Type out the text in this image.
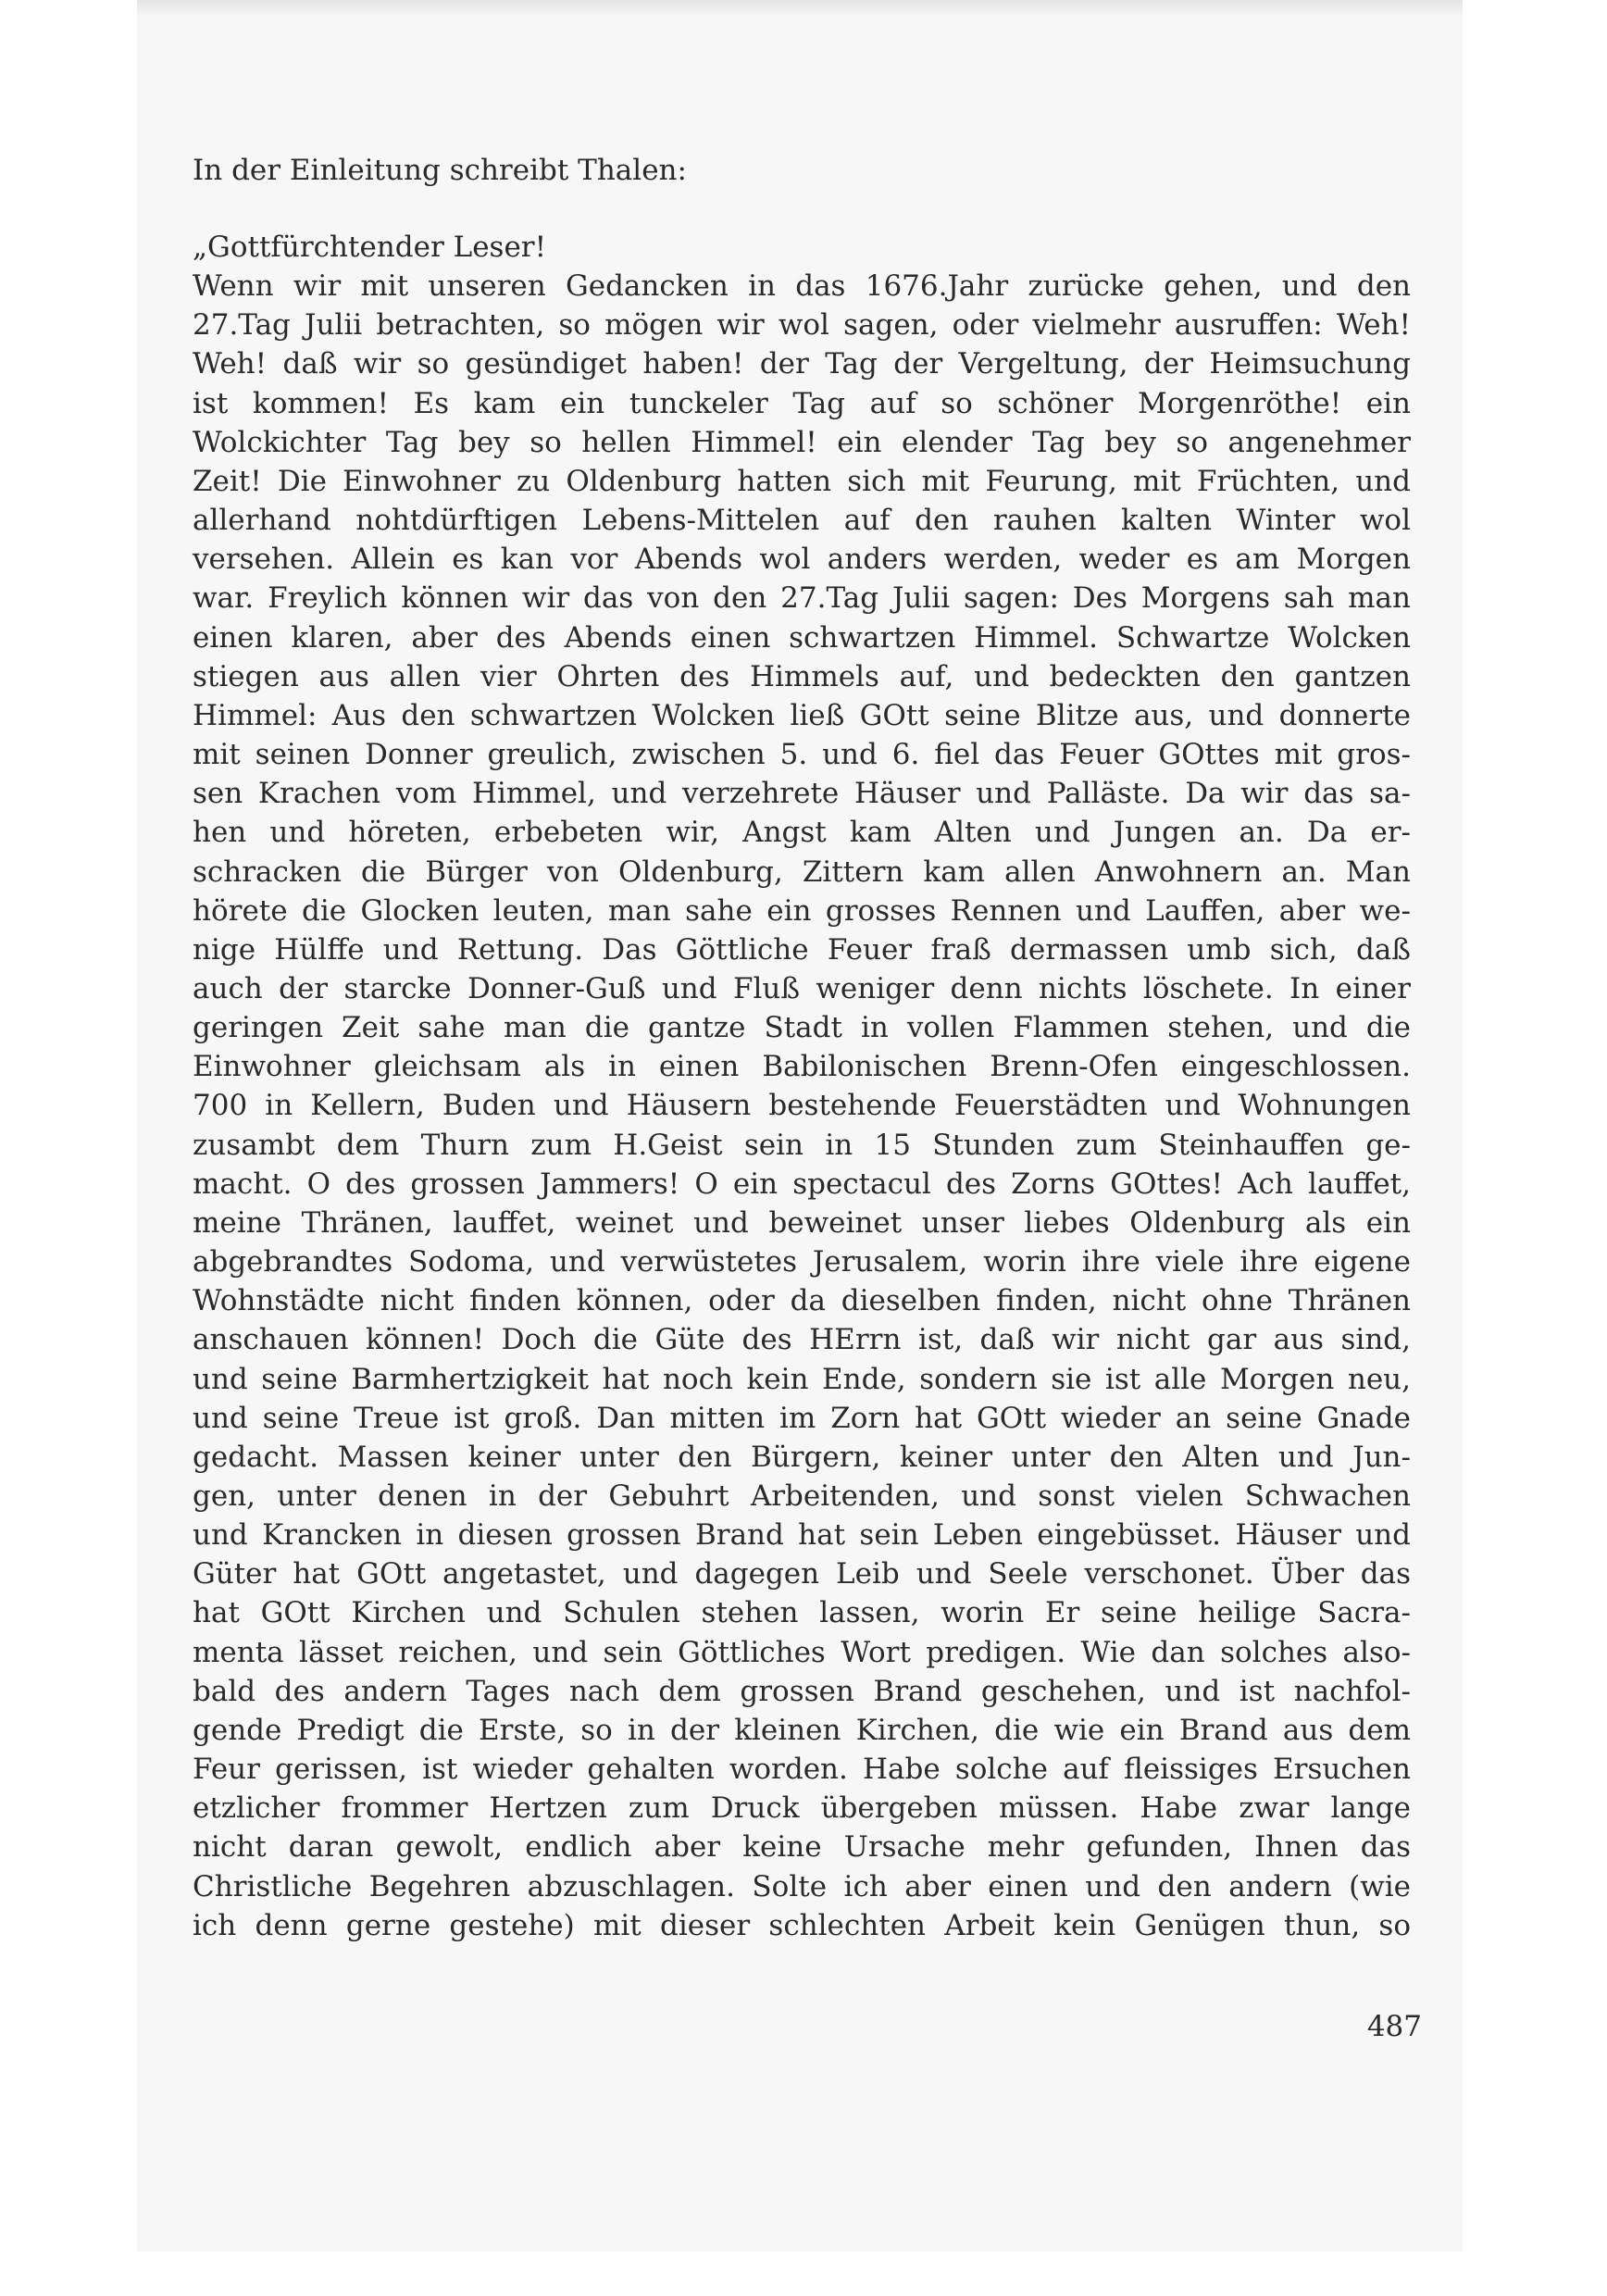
In der Einleitung schreibt Thalen:

„Gottfürchtender Leser!
Wenn wir mit unseren Gedancken in das 1676.Jahr zurücke gehen, und den
27.Tag Julii betrachten, so mögen wir wol sagen, oder vielmehr ausruffen: Weh!
Weh! daß wir so gesündiget haben! der Tag der Vergeltung, der Heimsuchung
ist kommen! Es kam ein tunckeler Tag auf so schöner Morgenröthe! ein
Wolckichter Tag bey so hellen Himmel! ein elender Tag bey so angenehmer
Zeit! Die Einwohner zu Oldenburg hatten sich mit Feurung, mit Früchten, und
allerhand nohtdürftigen Lebens-Mittelen auf den rauhen kalten Winter wol
versehen. Allein es kan vor Abends wol anders werden, weder es am Morgen
war. Freylich können wir das von den 27.Tag Julii sagen: Des Morgens sah man
einen klaren, aber des Abends einen schwartzen Himmel. Schwartze Wolcken
stiegen aus allen vier Ohrten des Himmels auf, und bedeckten den gantzen
Himmel: Aus den schwartzen Wolcken ließ GOtt seine Blitze aus, und donnerte
mit seinen Donner greulich, zwischen 5. und 6. fiel das Feuer GOttes mit gros-
sen Krachen vom Himmel, und verzehrete Häuser und Palläste. Da wir das sa-
hen und höreten, erbebeten wir, Angst kam Alten und Jungen an. Da er-
schracken die Bürger von Oldenburg, Zittern kam allen Anwohnern an. Man
hörete die Glocken leuten, man sahe ein grosses Rennen und Lauffen, aber we-
nige Hülffe und Rettung. Das Göttliche Feuer fraß dermassen umb sich, daß
auch der starcke Donner-Guß und Fluß weniger denn nichts löschete. In einer
geringen Zeit sahe man die gantze Stadt in vollen Flammen stehen, und die
Einwohner gleichsam als in einen Babilonischen Brenn-Ofen eingeschlossen.
700 in Kellern, Buden und Häusern bestehende Feuerstädten und Wohnungen
zusambt dem Thurn zum H.Geist sein in 15 Stunden zum Steinhauffen ge-
macht. O des grossen Jammers! O ein spectacul des Zorns GOttes! Ach lauffet,
meine Thränen, lauffet, weinet und beweinet unser liebes Oldenburg als ein
abgebrandtes Sodoma, und verwüstetes Jerusalem, worin ihre viele ihre eigene
Wohnstädte nicht finden können, oder da dieselben finden, nicht ohne Thränen
anschauen können! Doch die Güte des HErrn ist, daß wir nicht gar aus sind,
und seine Barmhertzigkeit hat noch kein Ende, sondern sie ist alle Morgen neu,
und seine Treue ist groß. Dan mitten im Zorn hat GOtt wieder an seine Gnade
gedacht. Massen keiner unter den Bürgern, keiner unter den Alten und Jun-
gen, unter denen in der Gebuhrt Arbeitenden, und sonst vielen Schwachen
und Krancken in diesen grossen Brand hat sein Leben eingebüsset. Häuser und
Güter hat GOtt angetastet, und dagegen Leib und Seele verschonet. Über das
hat GOtt Kirchen und Schulen stehen lassen, worin Er seine heilige Sacra-
menta lässet reichen, und sein Göttliches Wort predigen. Wie dan solches also-
bald des andern Tages nach dem grossen Brand geschehen, und ist nachfol-
gende Predigt die Erste, so in der kleinen Kirchen, die wie ein Brand aus dem
Feur gerissen, ist wieder gehalten worden. Habe solche auf fleissiges Ersuchen
etzlicher frommer Hertzen zum Druck übergeben müssen. Habe zwar lange
nicht daran gewolt, endlich aber keine Ursache mehr gefunden, Ihnen das
Christliche Begehren abzuschlagen. Solte ich aber einen und den andern (wie
ich denn gerne gestehe) mit dieser schlechten Arbeit kein Genügen thun, so
487
